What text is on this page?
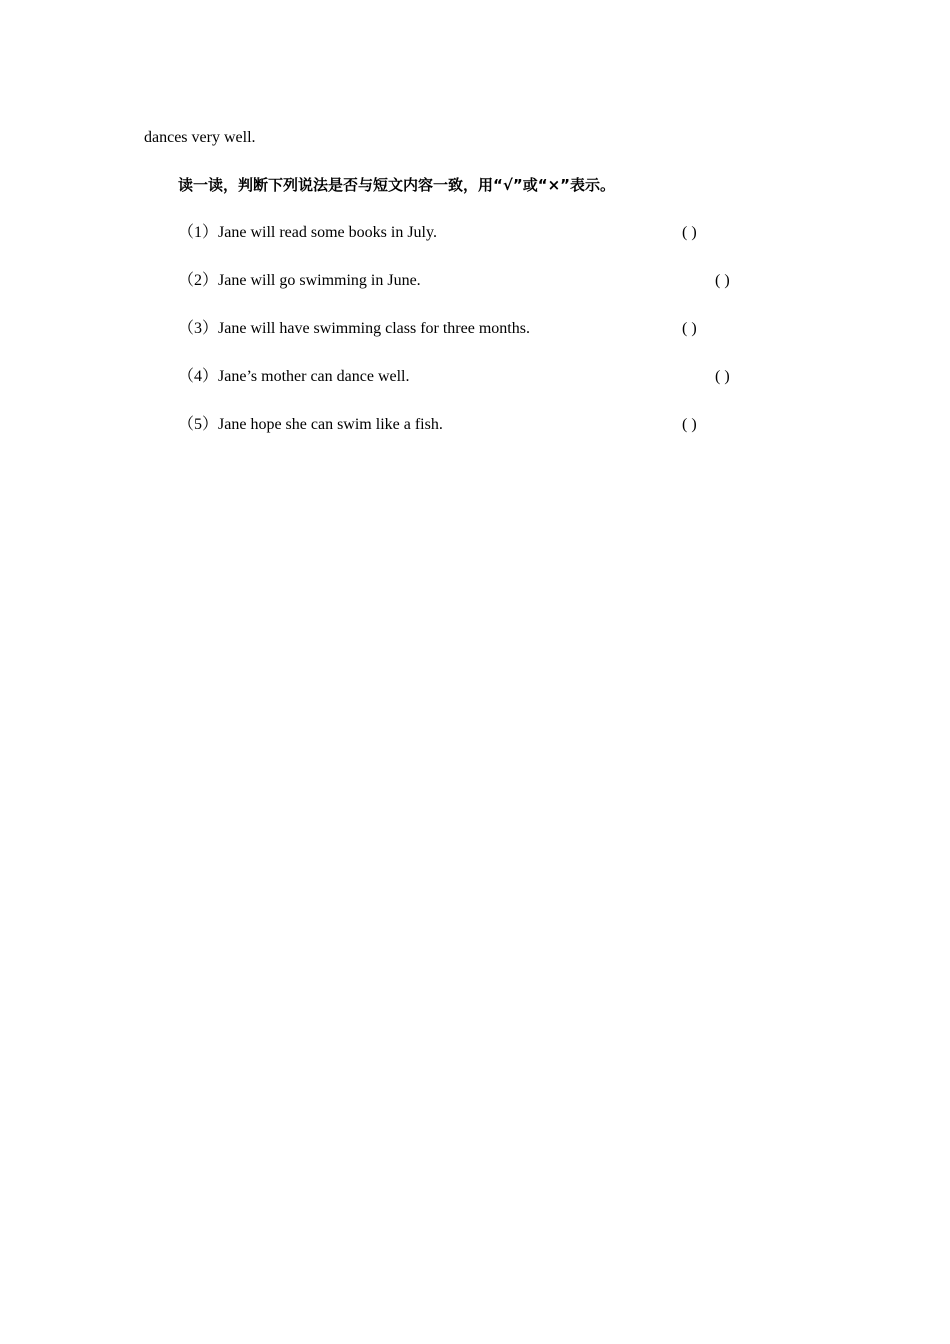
dances very well.
读一读，判断下列说法是否与短文内容一致，用“√”或“×”表示。
（1）Jane will read some books in July.	( )
（2）Jane will go swimming in June.	( )
（3）Jane will have swimming class for three months.	( )
（4）Jane’s mother can dance well.	( )
（5）Jane hope she can swim like a fish.	( )
